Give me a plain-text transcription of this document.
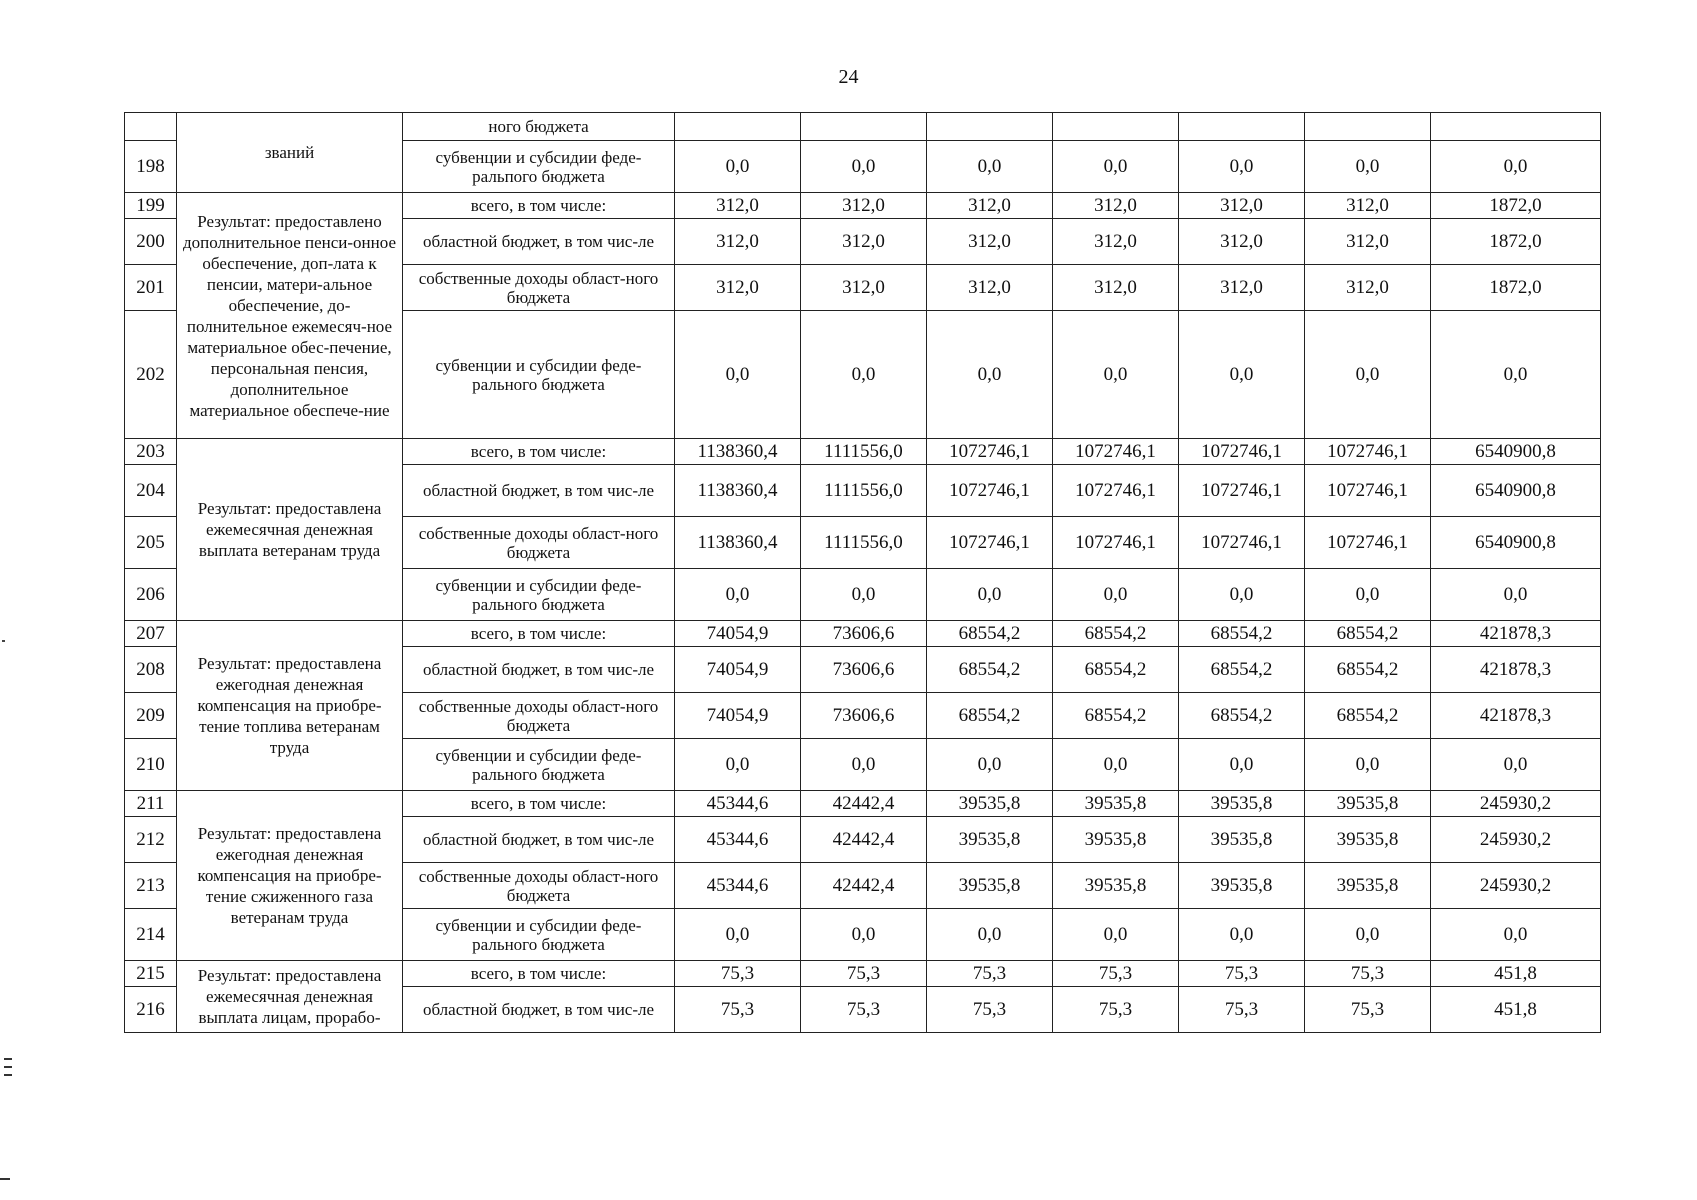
24
	званий	ного бюджета							
198		субвенции и субсидии феде-ральпого бюджета	0,0	0,0	0,0	0,0	0,0	0,0	0,0
199	Результат: предоставлено дополнительное пенси-онное обеспечение, доп-лата к пенсии, матери-альное обеспечение, до-полнительное ежемесяч-ное материальное обес-печение, персональная пенсия, дополнительное материальное обеспече-ние	всего, в том числе:	312,0	312,0	312,0	312,0	312,0	312,0	1872,0
200		областной бюджет, в том чис-ле	312,0	312,0	312,0	312,0	312,0	312,0	1872,0
201		собственные доходы област-ного бюджета	312,0	312,0	312,0	312,0	312,0	312,0	1872,0
202		субвенции и субсидии феде-рального бюджета	0,0	0,0	0,0	0,0	0,0	0,0	0,0
203	Результат: предоставлена ежемесячная денежная выплата ветеранам труда	всего, в том числе:	1138360,4	1111556,0	1072746,1	1072746,1	1072746,1	1072746,1	6540900,8
204		областной бюджет, в том чис-ле	1138360,4	1111556,0	1072746,1	1072746,1	1072746,1	1072746,1	6540900,8
205		собственные доходы област-ного бюджета	1138360,4	1111556,0	1072746,1	1072746,1	1072746,1	1072746,1	6540900,8
206		субвенции и субсидии феде-рального бюджета	0,0	0,0	0,0	0,0	0,0	0,0	0,0
207	Результат: предоставлена ежегодная денежная компенсация на приобре-тение топлива ветеранам труда	всего, в том числе:	74054,9	73606,6	68554,2	68554,2	68554,2	68554,2	421878,3
208		областной бюджет, в том чис-ле	74054,9	73606,6	68554,2	68554,2	68554,2	68554,2	421878,3
209		собственные доходы област-ного бюджета	74054,9	73606,6	68554,2	68554,2	68554,2	68554,2	421878,3
210		субвенции и субсидии феде-рального бюджета	0,0	0,0	0,0	0,0	0,0	0,0	0,0
211	Результат: предоставлена ежегодная денежная компенсация на приобре-тение сжиженного газа ветеранам труда	всего, в том числе:	45344,6	42442,4	39535,8	39535,8	39535,8	39535,8	245930,2
212		областной бюджет, в том чис-ле	45344,6	42442,4	39535,8	39535,8	39535,8	39535,8	245930,2
213		собственные доходы област-ного бюджета	45344,6	42442,4	39535,8	39535,8	39535,8	39535,8	245930,2
214		субвенции и субсидии феде-рального бюджета	0,0	0,0	0,0	0,0	0,0	0,0	0,0
215	Результат: предоставлена ежемесячная денежная выплата лицам, прорабо-	всего, в том числе:	75,3	75,3	75,3	75,3	75,3	75,3	451,8
216		областной бюджет, в том чис-ле	75,3	75,3	75,3	75,3	75,3	75,3	451,8
